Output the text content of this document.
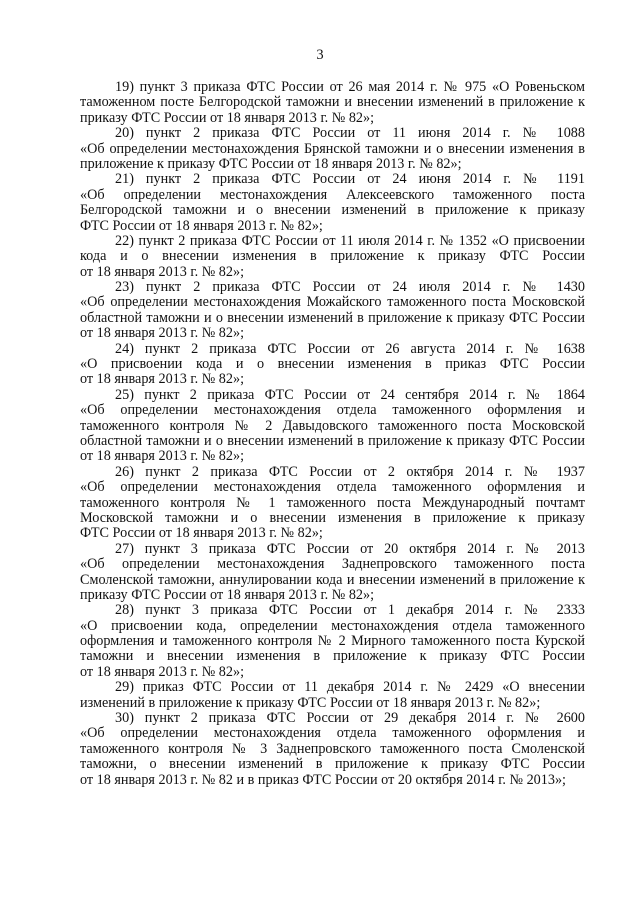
3
19) пункт 3 приказа ФТС России от 26 мая 2014 г. № 975 «О Ровеньском
таможенном посте Белгородской таможни и внесении изменений в приложение к
приказу ФТС России от 18 января 2013 г. № 82»;
20) пункт 2 приказа ФТС России от 11 июня 2014 г. № 1088
«Об определении местонахождения Брянской таможни и о внесении изменения в
приложение к приказу ФТС России от 18 января 2013 г. № 82»;
21) пункт 2 приказа ФТС России от 24 июня 2014 г. № 1191
«Об определении местонахождения Алексеевского таможенного поста
Белгородской таможни и о внесении изменений в приложение к приказу
ФТС России от 18 января 2013 г. № 82»;
22) пункт 2 приказа ФТС России от 11 июля 2014 г. № 1352 «О присвоении
кода и о внесении изменения в приложение к приказу ФТС России
от 18 января 2013 г. № 82»;
23) пункт 2 приказа ФТС России от 24 июля 2014 г. № 1430
«Об определении местонахождения Можайского таможенного поста Московской
областной таможни и о внесении изменений в приложение к приказу ФТС России
от 18 января 2013 г. № 82»;
24) пункт 2 приказа ФТС России от 26 августа 2014 г. № 1638
«О присвоении кода и о внесении изменения в приказ ФТС России
от 18 января 2013 г. № 82»;
25) пункт 2 приказа ФТС России от 24 сентября 2014 г. № 1864
«Об определении местонахождения отдела таможенного оформления и
таможенного контроля № 2 Давыдовского таможенного поста Московской
областной таможни и о внесении изменений в приложение к приказу ФТС России
от 18 января 2013 г. № 82»;
26) пункт 2 приказа ФТС России от 2 октября 2014 г. № 1937
«Об определении местонахождения отдела таможенного оформления и
таможенного контроля № 1 таможенного поста Международный почтамт
Московской таможни и о внесении изменения в приложение к приказу
ФТС России от 18 января 2013 г. № 82»;
27) пункт 3 приказа ФТС России от 20 октября 2014 г. № 2013
«Об определении местонахождения Заднепровского таможенного поста
Смоленской таможни, аннулировании кода и внесении изменений в приложение к
приказу ФТС России от 18 января 2013 г. № 82»;
28) пункт 3 приказа ФТС России от 1 декабря 2014 г. № 2333
«О присвоении кода, определении местонахождения отдела таможенного
оформления и таможенного контроля № 2 Мирного таможенного поста Курской
таможни и внесении изменения в приложение к приказу ФТС России
от 18 января 2013 г. № 82»;
29) приказ ФТС России от 11 декабря 2014 г. № 2429 «О внесении
изменений в приложение к приказу ФТС России от 18 января 2013 г. № 82»;
30) пункт 2 приказа ФТС России от 29 декабря 2014 г. № 2600
«Об определении местонахождения отдела таможенного оформления и
таможенного контроля № 3 Заднепровского таможенного поста Смоленской
таможни, о внесении изменений в приложение к приказу ФТС России
от 18 января 2013 г. № 82 и в приказ ФТС России от 20 октября 2014 г. № 2013»;
